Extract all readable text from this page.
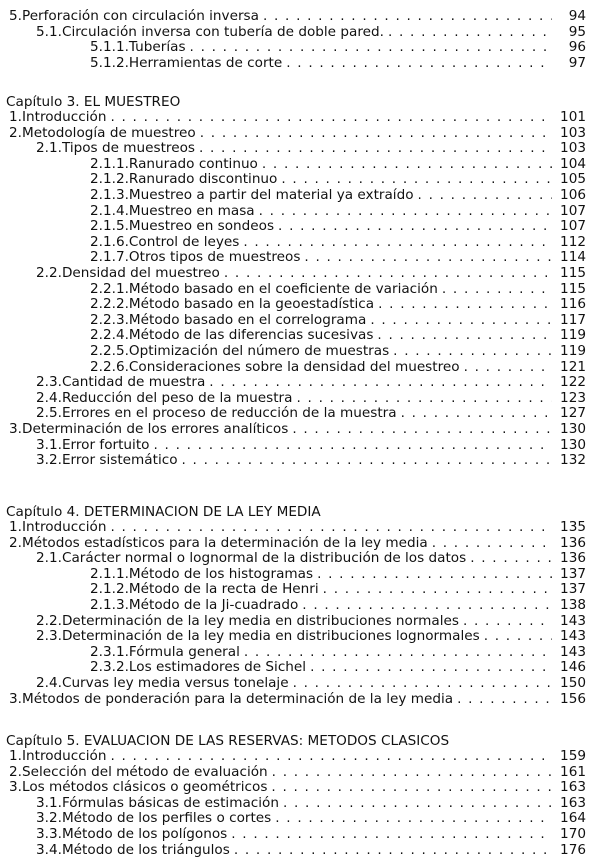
5. Perforación con circulación inversa . . .	94
5.1. Circulación inversa con tubería de doble pared. . . .	95
5.1.1. Tuberías . . .	96
5.1.2. Herramientas de corte . . .	97
Capítulo 3. EL MUESTREO
1. Introducción . . .	101
2. Metodología de muestreo . . .	103
2.1. Tipos de muestreos . . .	103
2.1.1. Ranurado continuo . . .	104
2.1.2. Ranurado discontinuo . . .	105
2.1.3. Muestreo a partir del material ya extraído . . .	106
2.1.4. Muestreo en masa . . .	107
2.1.5. Muestreo en sondeos . . .	107
2.1.6. Control de leyes . . .	112
2.1.7. Otros tipos de muestreos . . .	114
2.2. Densidad del muestreo . . .	115
2.2.1. Método basado en el coeficiente de variación . . .	115
2.2.2. Método basado en la geoestadística . . .	116
2.2.3. Método basado en el correlograma . . .	117
2.2.4. Método de las diferencias sucesivas . . .	119
2.2.5. Optimización del número de muestras . . .	119
2.2.6. Consideraciones sobre la densidad del muestreo . . .	121
2.3. Cantidad de muestra . . .	122
2.4. Reducción del peso de la muestra . . .	123
2.5. Errores en el proceso de reducción de la muestra . . .	127
3. Determinación de los errores analíticos . . .	130
3.1. Error fortuito . . .	130
3.2. Error sistemático . . .	132
Capítulo 4. DETERMINACION DE LA LEY MEDIA
1. Introducción . . .	135
2. Métodos estadísticos para la determinación de la ley media . . .	136
2.1. Carácter normal o lognormal de la distribución de los datos . . .	136
2.1.1. Método de los histogramas . . .	137
2.1.2. Método de la recta de Henri . . .	137
2.1.3. Método de la Ji-cuadrado . . .	138
2.2. Determinación de la ley media en distribuciones normales . . .	143
2.3. Determinación de la ley media en distribuciones lognormales . . .	143
2.3.1. Fórmula general . . .	143
2.3.2. Los estimadores de Sichel . . .	146
2.4. Curvas ley media versus tonelaje . . .	150
3. Métodos de ponderación para la determinación de la ley media . . .	156
Capítulo 5. EVALUACION DE LAS RESERVAS: METODOS CLASICOS
1. Introducción . . .	159
2. Selección del método de evaluación . . .	161
3. Los métodos clásicos o geométricos . . .	163
3.1. Fórmulas básicas de estimación . . .	163
3.2. Método de los perfiles o cortes . . .	164
3.3. Método de los polígonos . . .	170
3.4. Método de los triángulos . . .	176
